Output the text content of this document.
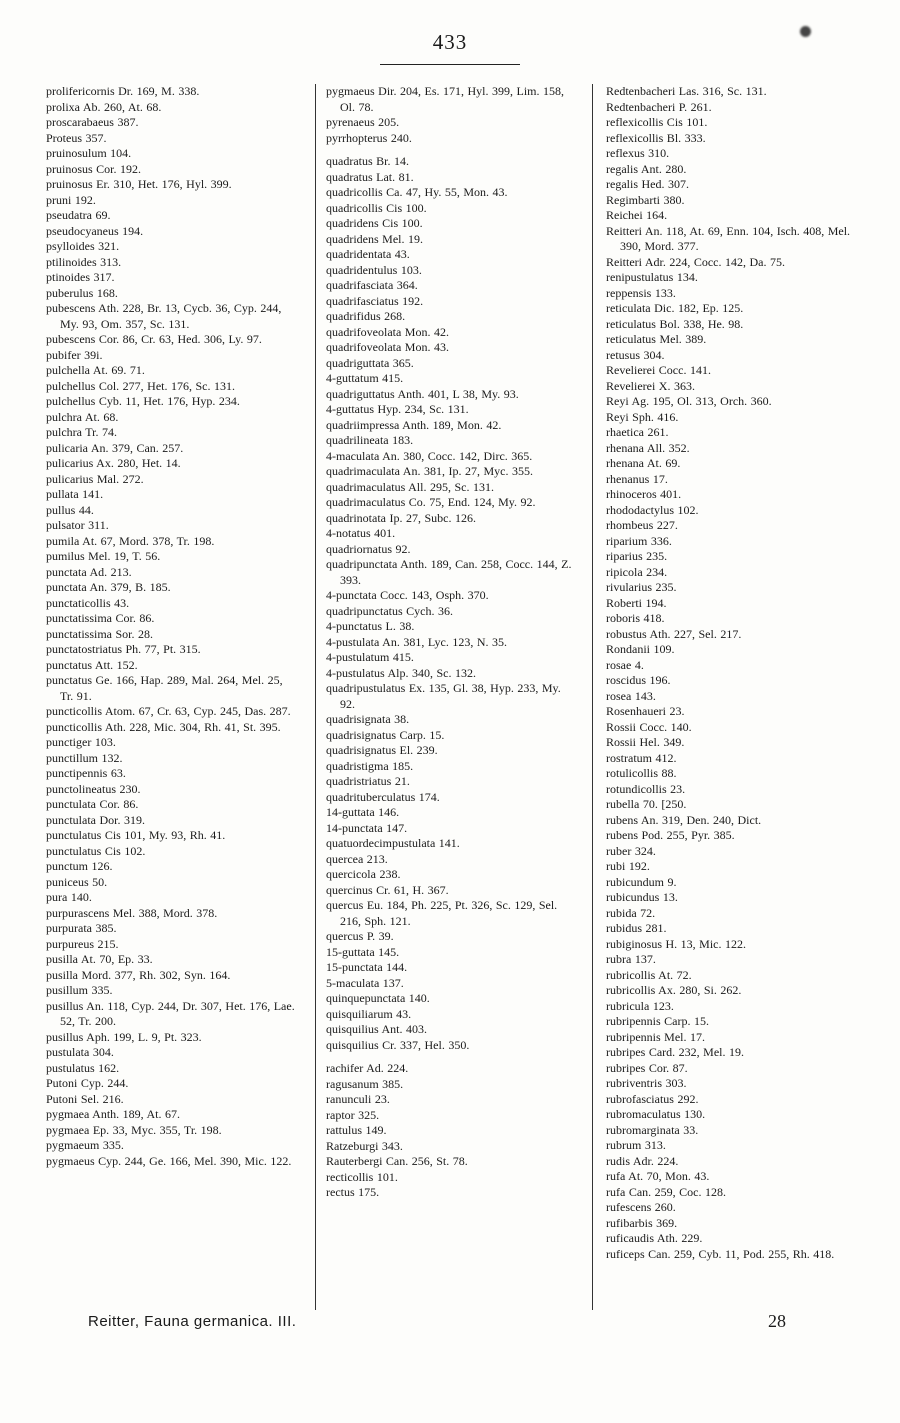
433
proliferic​ornis Dr. 169, M. 338.
prolixa Ab. 260, At. 68.
proscarabaeus 387.
Proteus 357.
pruinosulum 104.
pruinosus Cor. 192.
pruinosus Er. 310, Het. 176, Hyl. 399.
pruni 192.
pseudatra 69.
pseudocyaneus 194.
psylloides 321.
ptilinoides 313.
ptinoides 317.
puberulus 168.
pubescens Ath. 228, Br. 13, Cycb. 36, Cyp. 244, My. 93, Om. 357, Sc. 131.
pubescens Cor. 86, Cr. 63, Hed. 306, Ly. 97.
pubifer 39i.
pulchella At. 69. 71.
pulchellus Col. 277, Het. 176, Sc. 131.
pulchellus Cyb. 11, Het. 176, Hyp. 234.
pulchra At. 68.
pulchra Tr. 74.
pulicaria An. 379, Can. 257.
pulicarius Ax. 280, Het. 14.
pulicarius Mal. 272.
pullata 141.
pullus 44.
pulsator 311.
pumila At. 67, Mord. 378, Tr. 198.
pumilus Mel. 19, T. 56.
punctata Ad. 213.
punctata An. 379, B. 185.
puncta​ticollis 43.
punctatissima Cor. 86.
punctatissima Sor. 28.
punctatostriatus Ph. 77, Pt. 315.
punctatus Att. 152.
punctatus Ge. 166, Hap. 289, Mal. 264, Mel. 25, Tr. 91.
puncticollis Atom. 67, Cr. 63, Cyp. 245, Das. 287.
puncticollis Ath. 228, Mic. 304, Rh. 41, St. 395.
punctiger 103.
punctillum 132.
punctipennis 63.
punctolineatus 230.
punctulata Cor. 86.
punctulata Dor. 319.
punctulatus Cis 101, My. 93, Rh. 41.
punctulatus Cis 102.
punctum 126.
puniceus 50.
pura 140.
purpurascens Mel. 388, Mord. 378.
purpurata 385.
purpureus 215.
pusilla At. 70, Ep. 33.
pusilla Mord. 377, Rh. 302, Syn. 164.
pusillum 335.
pusillus An. 118, Cyp. 244, Dr. 307, Het. 176, Lae. 52, Tr. 200.
pusillus Aph. 199, L. 9, Pt. 323.
pustulata 304.
pustulatus 162.
Putoni Cyp. 244.
Putoni Sel. 216.
pygmaea Anth. 189, At. 67.
pygmaea Ep. 33, Myc. 355, Tr. 198.
pygmaeum 335.
pygmaeus Cyp. 244, Ge. 166, Mel. 390, Mic. 122.
pygmaeus Dir. 204, Es. 171, Hyl. 399, Lim. 158, Ol. 78.
pyrenaeus 205.
pyrrhopterus 240.
quadratus Br. 14.
quadratus Lat. 81.
quadricollis Ca. 47, Hy. 55, Mon. 43.
quadricollis Cis 100.
quadridens Cis 100.
quadridens Mel. 19.
quadridentata 43.
quadridentulus 103.
quadrifasciata 364.
quadrifasciatus 192.
quadrifidus 268.
quadrifoveolata Mon. 42.
quadrifoveolata Mon. 43.
quadriguttata 365.
4-guttatum 415.
quadriguttatus Anth. 401, L 38, My. 93.
4-guttatus Hyp. 234, Sc. 131.
quadriimpressa Anth. 189, Mon. 42.
quadrilineata 183.
4-maculata An. 380, Cocc. 142, Dirc. 365.
quadrimaculata An. 381, Ip. 27, Myc. 355.
quadrimaculatus All. 295, Sc. 131.
quadrimaculatus Co. 75, End. 124, My. 92.
quadrinotata Ip. 27, Subc. 126.
4-notatus 401.
quadriornatus 92.
quadripunctata Anth. 189, Can. 258, Cocc. 144, Z. 393.
4-punctata Cocc. 143, Osph. 370.
quadripunctatus Cych. 36.
4-punctatus L. 38.
4-pustulata An. 381, Lyc. 123, N. 35.
4-pustulatum 415.
4-pustulatus Alp. 340, Sc. 132.
quadripustulatus Ex. 135, Gl. 38, Hyp. 233, My. 92.
quadrisignata 38.
quadrisignatus Carp. 15.
quadrisignatus El. 239.
quadristigma 185.
quadristriatus 21.
quadrituberculatus 174.
14-guttata 146.
14-punctata 147.
quatuordecimpustulata 141.
quercea 213.
quercicola 238.
quercinus Cr. 61, H. 367.
quercus Eu. 184, Ph. 225, Pt. 326, Sc. 129, Sel. 216, Sph. 121.
quercus P. 39.
15-guttata 145.
15-punctata 144.
5-maculata 137.
quinquepunctata 140.
quisquiliarum 43.
quisquilius Ant. 403.
quisquilius Cr. 337, Hel. 350.
rachifer Ad. 224.
ragusanum 385.
ranunculi 23.
raptor 325.
rattulus 149.
Ratzeburgi 343.
Rauterbergi Can. 256, St. 78.
recticollis 101.
rectus 175.
Redtenbacheri Las. 316, Sc. 131.
Redtenbacheri P. 261.
reflexicollis Cis 101.
reflexicollis Bl. 333.
reflexus 310.
regalis Ant. 280.
regalis Hed. 307.
Regimbarti 380.
Reichei 164.
Reitteri An. 118, At. 69, Enn. 104, Isch. 408, Mel. 390, Mord. 377.
Reitteri Adr. 224, Cocc. 142, Da. 75.
renipustulatus 134.
reppensis 133.
reticulata Dic. 182, Ep. 125.
reticulatus Bol. 338, He. 98.
reticulatus Mel. 389.
retusus 304.
Revelierei Cocc. 141.
Revelierei X. 363.
Reyi Ag. 195, Ol. 313, Orch. 360.
Reyi Sph. 416.
rhaetica 261.
rhenana All. 352.
rhenana At. 69.
rhenanus 17.
rhinoceros 401.
rhododactylus 102.
rhombeus 227.
riparium 336.
riparius 235.
ripicola 234.
rivularius 235.
Roberti 194.
roboris 418.
robustus Ath. 227, Sel. 217.
Rondanii 109.
rosae 4.
roscidus 196.
rosea 143.
Rosenhaueri 23.
Rossii Cocc. 140.
Rossii Hel. 349.
rostratum 412.
rotulicollis 88.
rotundicollis 23.
rubella 70. [250.
rubens An. 319, Den. 240, Dict.
rubens Pod. 255, Pyr. 385.
ruber 324.
rubi 192.
rubicundum 9.
rubicundus 13.
rubida 72.
rubidus 281.
rubiginosus H. 13, Mic. 122.
rubra 137.
rubricollis At. 72.
rubricollis Ax. 280, Si. 262.
rubricula 123.
rubripennis Carp. 15.
rubripennis Mel. 17.
rubripes Card. 232, Mel. 19.
rubripes Cor. 87.
rubriventris 303.
rubrofasciatus 292.
rubromaculatus 130.
rubromarginata 33.
rubrum 313.
rudis Adr. 224.
rufa At. 70, Mon. 43.
rufa Can. 259, Coc. 128.
rufescens 260.
rufibarbis 369.
ruficaudis Ath. 229.
ruficeps Can. 259, Cyb. 11, Pod. 255, Rh. 418.
Reitter, Fauna germanica. III.	28
